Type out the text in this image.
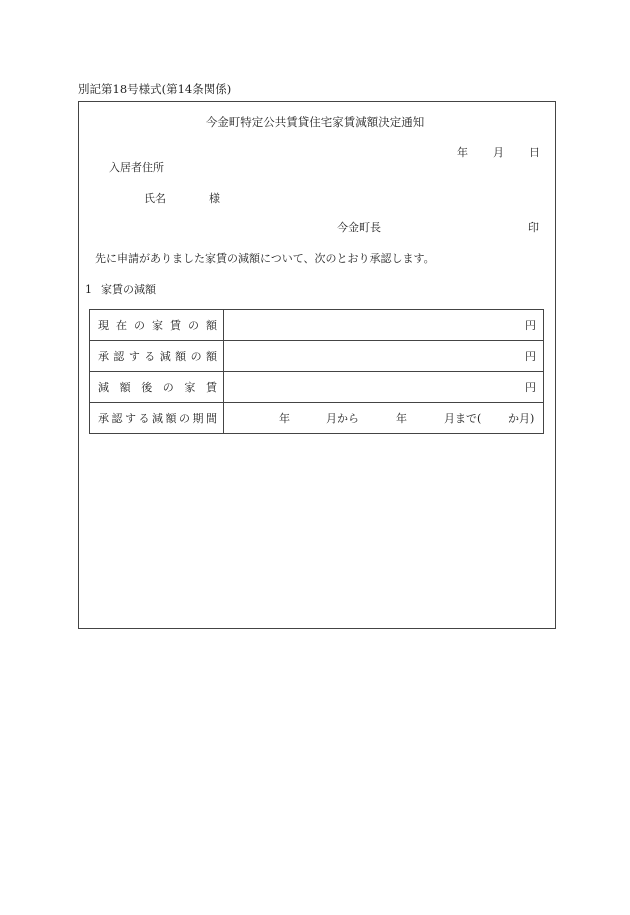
別記第18号様式(第14条関係)
今金町特定公共賃貸住宅家賃減額決定通知
年 月 日
入居者住所
氏名	様
今金町長	印
先に申請がありました家賃の減額について、次のとおり承認します。
1 家賃の減額
現在の家賃の額	円
承認する減額の額	円
減額後の家賃	円
承認する減額の期間	年 月から 年 月まで( か月)
